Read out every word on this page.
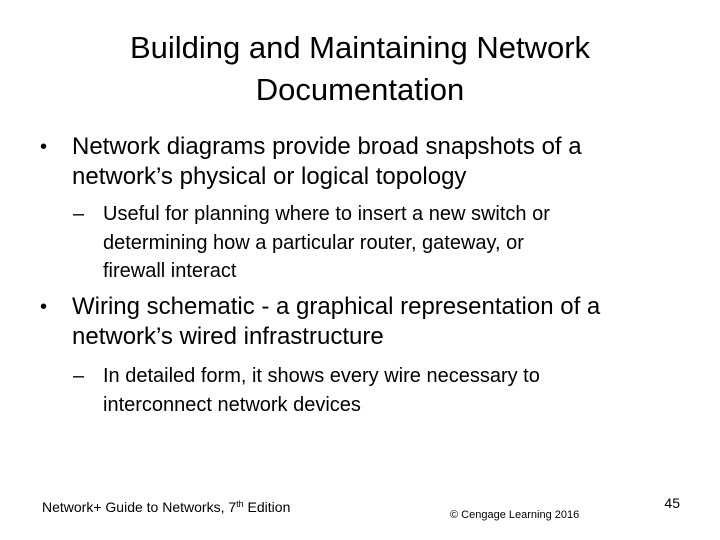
Building and Maintaining Network
Documentation
• Network diagrams provide broad snapshots of a
network’s physical or logical topology
– Useful for planning where to insert a new switch or
determining how a particular router, gateway, or
firewall interact
• Wiring schematic - a graphical representation of a
network’s wired infrastructure
– In detailed form, it shows every wire necessary to
interconnect network devices
Network+ Guide to Networks, 7th Edition	© Cengage Learning 2016
45
